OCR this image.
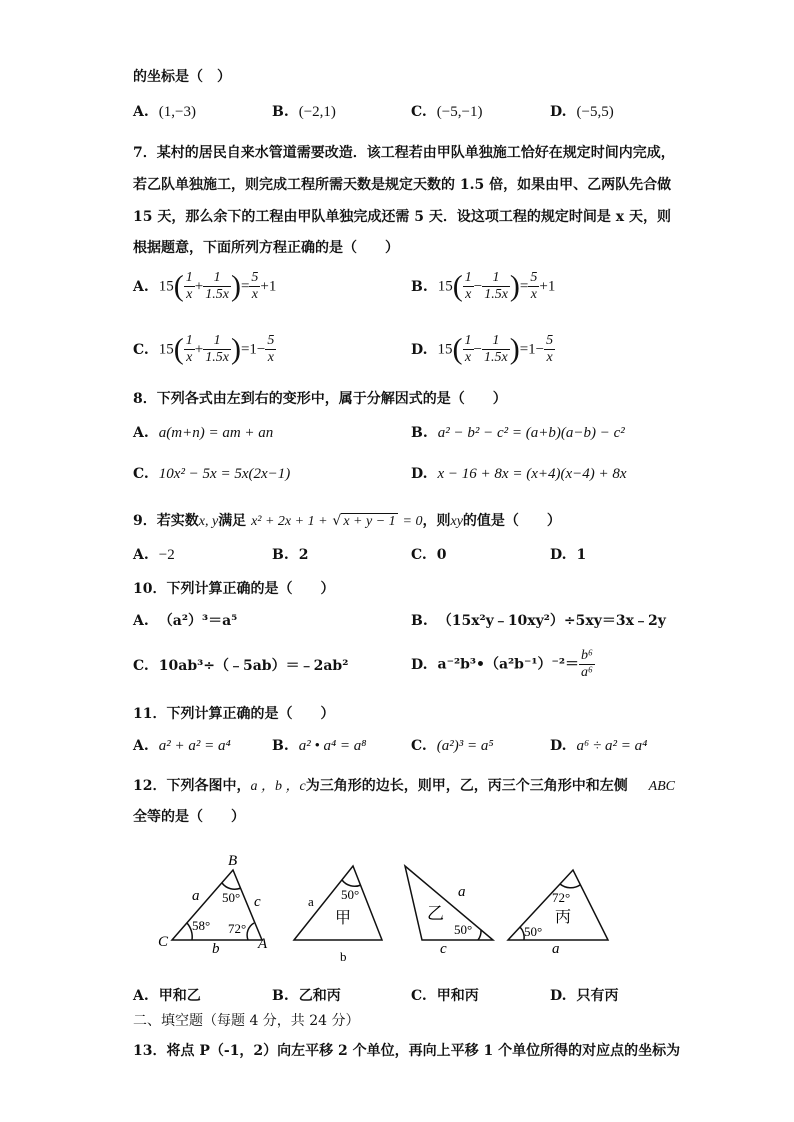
的坐标是（　）
A. (1,−3)	B. (−2,1)	C. (−5,−1)	D. (−5,5)
7．某村的居民自来水管道需要改造．该工程若由甲队单独施工恰好在规定时间内完成，
若乙队单独施工，则完成工程所需天数是规定天数的 1.5 倍，如果由甲、乙两队先合做
15 天，那么余下的工程由甲队单独完成还需 5 天．设这项工程的规定时间是 x 天，则
根据题意，下面所列方程正确的是（　　）
A. $15( \frac{1}{x} + \frac{1}{1.5x}$ )= $\frac{5}{x} +1$	B. $15( \frac{1}{x} - \frac{1}{1.5x}$ )= $\frac{5}{x} +1$
C. $15( \frac{1}{x} + \frac{1}{1.5x} )=1- \frac{5}{x}$	D. $15( \frac{1}{x} - \frac{1}{1.5x} )=1- \frac{5}{x}$
8．下列各式由左到右的变形中，属于分解因式的是（　　）
A. a(m+n) = am + an	B. a² − b² − c² = (a+b)(a−b) − c²
C. 10x² − 5x = 5x(2x−1)	D. x − 16 + 8x = (x+4)(x−4) + 8x
9．若实数x, y满足 x² + 2x + 1 + √ x + y − 1 = 0，则xy的值是（　　）
A. −2	B. 2	C. 0	D. 1
10．下列计算正确的是（　　）
A. （a²）³＝a⁵	B. （15x²y﹣10xy²）÷5xy＝3x﹣2y
C. 10ab³÷（﹣5ab）＝﹣2ab²	D. a⁻²b³•（a²b⁻¹）⁻²＝ $\frac{\text{b⁶}}{\text{a⁶}}$
11．下列计算正确的是（　　）
A. a² + a² = a⁴	B. a² • a⁴ = a⁸	C. (a²)³ = a⁵	D. a⁶ ÷ a² = a⁴
12．下列各图中，a ，b ，c为三角形的边长，则甲，乙，丙三个三角形中和左侧 ABC
全等的是（　　）
B
C	A
a	c
b
50°
58° 72°
a
b
50°
甲
a
c
50°
乙
72°
50°
丙
a
A. 甲和乙	B. 乙和丙	C. 甲和丙	D. 只有丙
二、填空题（每题 4 分，共 24 分）
13．将点 P（-1，2）向左平移 2 个单位，再向上平移 1 个单位所得的对应点的坐标为
